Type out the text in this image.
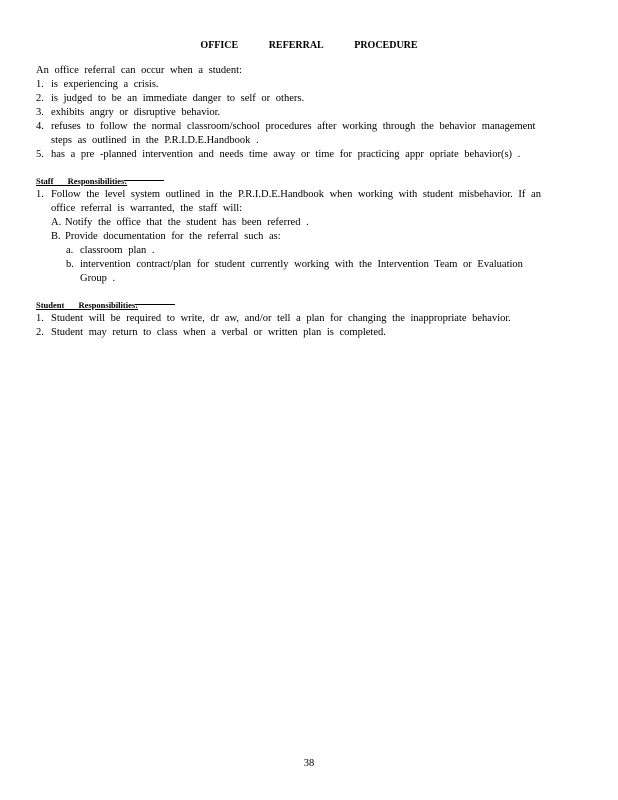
OFFICE	REFERRAL	PROCEDURE
An office referral can occur when a student:
1. is experiencing a crisis.
2. is judged to be an immediate danger to self or others.
3. exhibits angry or disruptive behavior.
4. refuses to follow the normal classroom/school procedures after working through the behavior management
steps as outlined in the P.R.I.D.E.Handbook .
5. has a pre -planned intervention and needs time away or time for practicing appr opriate behavior(s) .
Staff Responsibilities:
1. Follow the level system outlined in the P.R.I.D.E.Handbook when working with student misbehavior. If an
office referral is warranted, the staff will:
A. Notify the office that the student has been referred .
B. Provide documentation for the referral such as:
a. classroom plan .
b. intervention contract/plan for student currently working with the Intervention Team or Evaluation
Group .
Student Responsibilities:
1. Student will be required to write, dr aw, and/or tell a plan for changing the inappropriate behavior.
2. Student may return to class when a verbal or written plan is completed.
38
